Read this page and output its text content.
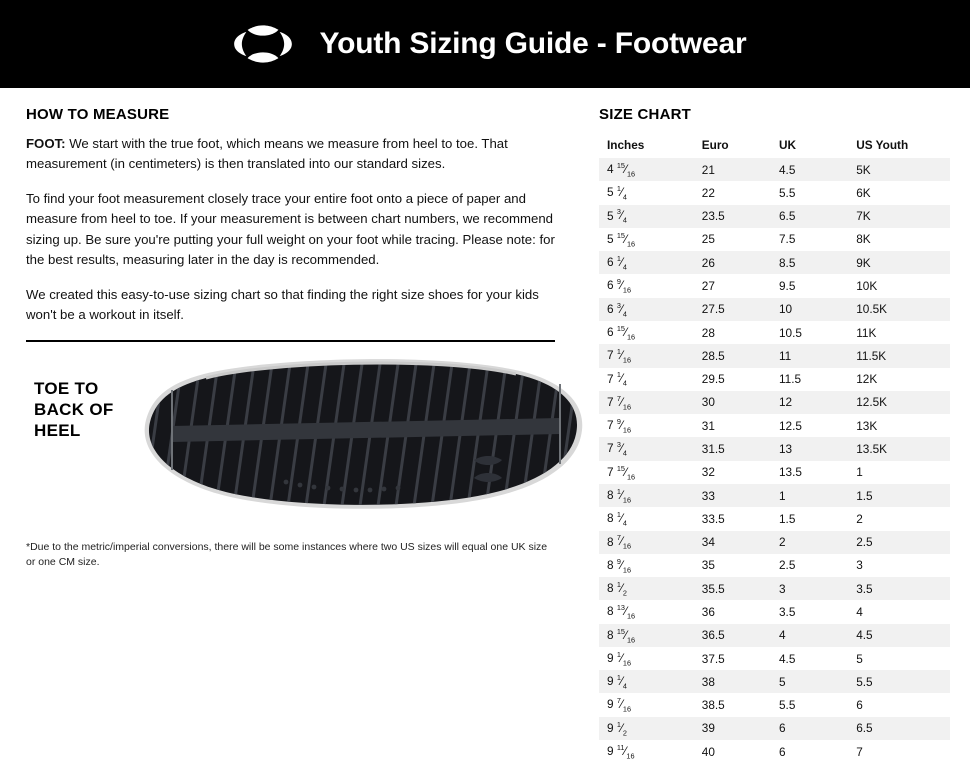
Youth Sizing Guide - Footwear
HOW TO MEASURE

FOOT: We start with the true foot, which means we measure from heel to toe. That measurement (in centimeters) is then translated into our standard sizes.

To find your foot measurement closely trace your entire foot onto a piece of paper and measure from heel to toe. If your measurement is between chart numbers, we recommend sizing up. Be sure you're putting your full weight on your foot while tracing. Please note: for the best results, measuring later in the day is recommended.

We created this easy-to-use sizing chart so that finding the right size shoes for your kids won't be a workout in itself.

TOE TO
BACK OF
HEEL
*Due to the metric/imperial conversions, there will be some instances where two US sizes will equal one UK size or one CM size.
SIZE CHART
Inches	Euro	UK	US Youth
4 $^{15}⁄_{16}$	21	4.5	5K
5 $^1⁄_4$	22	5.5	6K
5 $^3⁄_4$	23.5	6.5	7K
5 $^{15}⁄_{16}$	25	7.5	8K
6 $^1⁄_4$	26	8.5	9K
6 $^9⁄_{16}$	27	9.5	10K
6 $^3⁄_4$	27.5	10	10.5K
6 $^{15}⁄_{16}$	28	10.5	11K
7 $^1⁄_{16}$	28.5	11	11.5K
7 $^1⁄_4$	29.5	11.5	12K
7 $^7⁄_{16}$	30	12	12.5K
7 $^9⁄_{16}$	31	12.5	13K
7 $^3⁄_4$	31.5	13	13.5K
7 $^{15}⁄_{16}$	32	13.5	1
8 $^1⁄_{16}$	33	1	1.5
8 $^1⁄_4$	33.5	1.5	2
8 $^7⁄_{16}$	34	2	2.5
8 $^9⁄_{16}$	35	2.5	3
8 $^1⁄_2$	35.5	3	3.5
8 $^{13}⁄_{16}$	36	3.5	4
8 $^{15}⁄_{16}$	36.5	4	4.5
9 $^1⁄_{16}$	37.5	4.5	5
9 $^1⁄_4$	38	5	5.5
9 $^7⁄_{16}$	38.5	5.5	6
9 $^1⁄_2$	39	6	6.5
9 $^{11}⁄_{16}$	40	6	7
